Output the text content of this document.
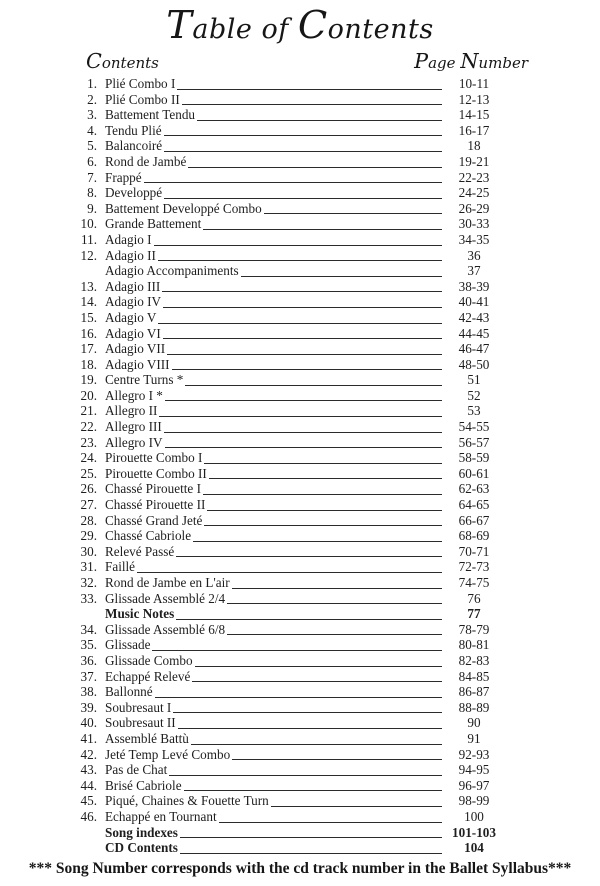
Table of Contents
Contents	Page Number
1. Plié Combo I	10-11
2. Plié Combo II	12-13
3. Battement Tendu	14-15
4. Tendu Plié	16-17
5. Balancoiré	18
6. Rond de Jambé	19-21
7. Frappé	22-23
8. Developpé	24-25
9. Battement Developpé Combo	26-29
10. Grande Battement	30-33
11. Adagio I	34-35
12. Adagio II	36
Adagio Accompaniments	37
13. Adagio III	38-39
14. Adagio IV	40-41
15. Adagio V	42-43
16. Adagio VI	44-45
17. Adagio VII	46-47
18. Adagio VIII	48-50
19. Centre Turns *	51
20. Allegro I *	52
21. Allegro II	53
22. Allegro III	54-55
23. Allegro IV	56-57
24. Pirouette Combo I	58-59
25. Pirouette Combo II	60-61
26. Chassé Pirouette I	62-63
27. Chassé Pirouette II	64-65
28. Chassé Grand Jeté	66-67
29. Chassé Cabriole	68-69
30. Relevé Passé	70-71
31. Faillé	72-73
32. Rond de Jambe en L'air	74-75
33. Glissade Assemblé 2/4	76
Music Notes	77
34. Glissade Assemblé 6/8	78-79
35. Glissade	80-81
36. Glissade Combo	82-83
37. Echappé Relevé	84-85
38. Ballonné	86-87
39. Soubresaut I	88-89
40. Soubresaut II	90
41. Assemblé Battù	91
42. Jeté Temp Levé Combo	92-93
43. Pas de Chat	94-95
44. Brisé Cabriole	96-97
45. Piqué, Chaines & Fouette Turn	98-99
46. Echappé en Tournant	100
Song indexes	101-103
CD Contents	104
*** Song Number corresponds with the cd track number in the Ballet Syllabus***
